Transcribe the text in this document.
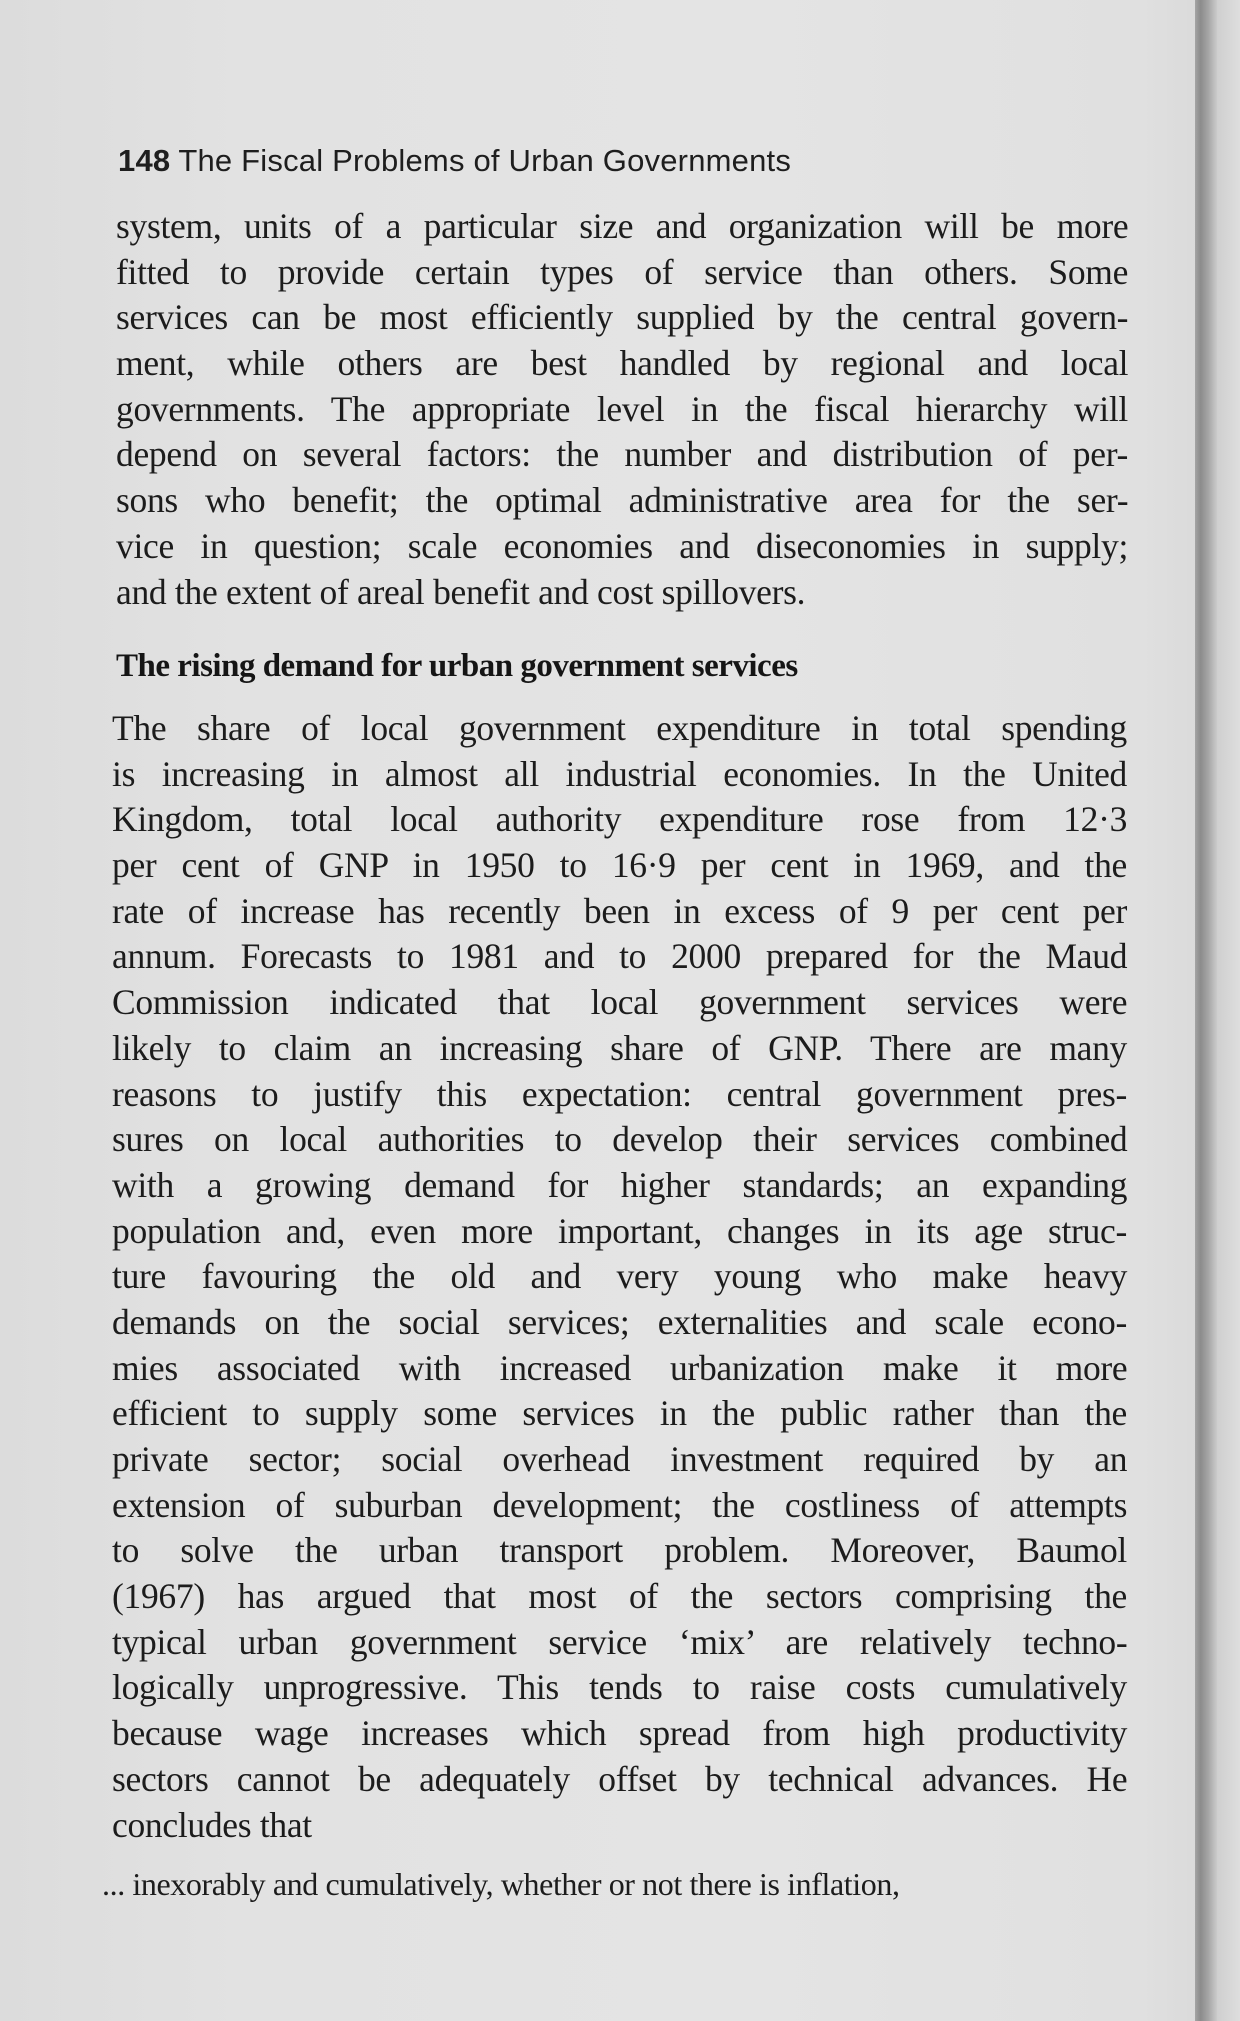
148 The Fiscal Problems of Urban Governments
system, units of a particular size and organization will be more
fitted to provide certain types of service than others. Some
services can be most efficiently supplied by the central govern-
ment, while others are best handled by regional and local
governments. The appropriate level in the fiscal hierarchy will
depend on several factors: the number and distribution of per-
sons who benefit; the optimal administrative area for the ser-
vice in question; scale economies and diseconomies in supply;
and the extent of areal benefit and cost spillovers.
The rising demand for urban government services
The share of local government expenditure in total spending
is increasing in almost all industrial economies. In the United
Kingdom, total local authority expenditure rose from 12·3
per cent of GNP in 1950 to 16·9 per cent in 1969, and the
rate of increase has recently been in excess of 9 per cent per
annum. Forecasts to 1981 and to 2000 prepared for the Maud
Commission indicated that local government services were
likely to claim an increasing share of GNP. There are many
reasons to justify this expectation: central government pres-
sures on local authorities to develop their services combined
with a growing demand for higher standards; an expanding
population and, even more important, changes in its age struc-
ture favouring the old and very young who make heavy
demands on the social services; externalities and scale econo-
mies associated with increased urbanization make it more
efficient to supply some services in the public rather than the
private sector; social overhead investment required by an
extension of suburban development; the costliness of attempts
to solve the urban transport problem. Moreover, Baumol
(1967) has argued that most of the sectors comprising the
typical urban government service ‘mix’ are relatively techno-
logically unprogressive. This tends to raise costs cumulatively
because wage increases which spread from high productivity
sectors cannot be adequately offset by technical advances. He
concludes that
... inexorably and cumulatively, whether or not there is inflation,
